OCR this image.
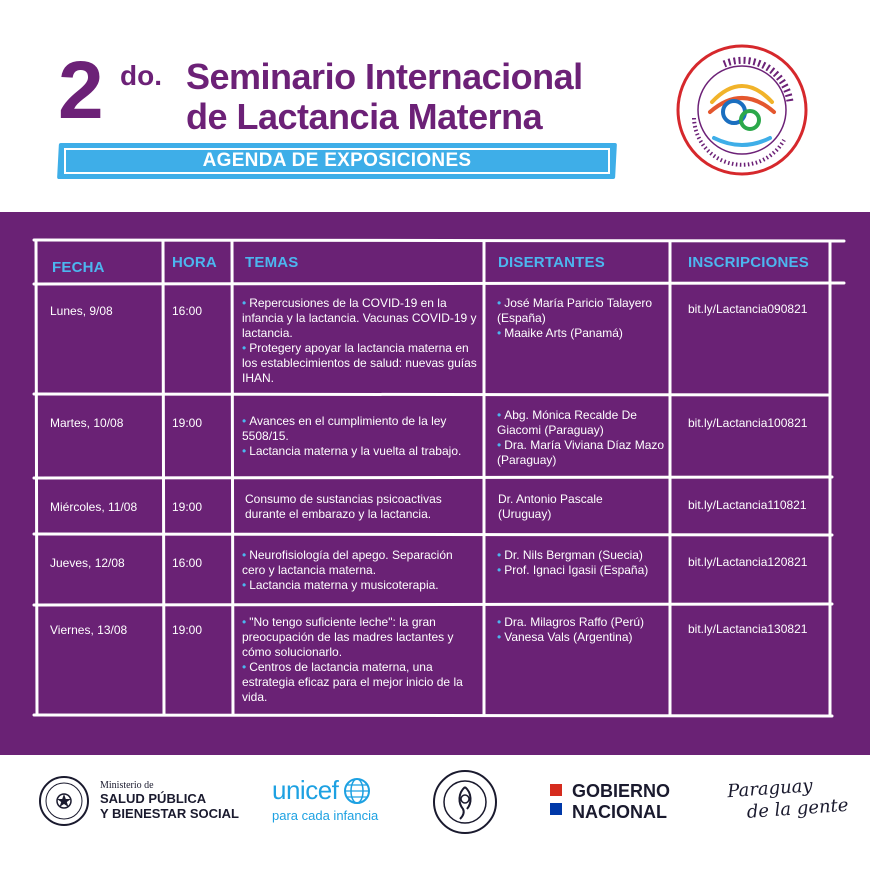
2 do. Seminario Internacional
de Lactancia Materna
AGENDA DE EXPOSICIONES
FECHA	HORA TEMAS	DISERTANTES	INSCRIPCIONES
Lunes, 9/08	16:00
• Repercusiones de la COVID-19 en la infancia y la lactancia. Vacunas COVID-19 y lactancia.
• Protegery apoyar la lactancia materna en los establecimientos de salud: nuevas guías IHAN.
• José María Paricio Talayero (España)
• Maaike Arts (Panamá)
bit.ly/Lactancia090821
Martes, 10/08	19:00
•	Avances en el cumplimiento de la ley 5508/15.
• Lactancia materna y la vuelta al trabajo.
• Abg. Mónica Recalde De Giacomi (Paraguay)
• Dra. María Viviana Díaz Mazo (Paraguay)
bit.ly/Lactancia100821
Miércoles, 11/08	19:00
Consumo de sustancias psicoactivas durante el embarazo y la lactancia.
Dr. Antonio Pascale (Uruguay)
bit.ly/Lactancia110821
Jueves, 12/08	16:00
• Neurofisiología del apego. Separación cero y lactancia materna.
• Lactancia materna y musicoterapia.
• Dr. Nils Bergman (Suecia)
• Prof. Ignaci Igasii (España)
bit.ly/Lactancia120821
Viernes, 13/08	19:00
• "No tengo suficiente leche": la gran preocupación de las madres lactantes y cómo solucionarlo.
• Centros de lactancia materna, una estrategia eficaz para el mejor inicio de la vida.
• Dra. Milagros Raffo (Perú)
• Vanesa Vals (Argentina)
bit.ly/Lactancia130821
Ministerio de
SALUD PÚBLICA
Y BIENESTAR SOCIAL
unicef
para cada infancia
GOBIERNO
NACIONAL
Paraguay
de la gente
